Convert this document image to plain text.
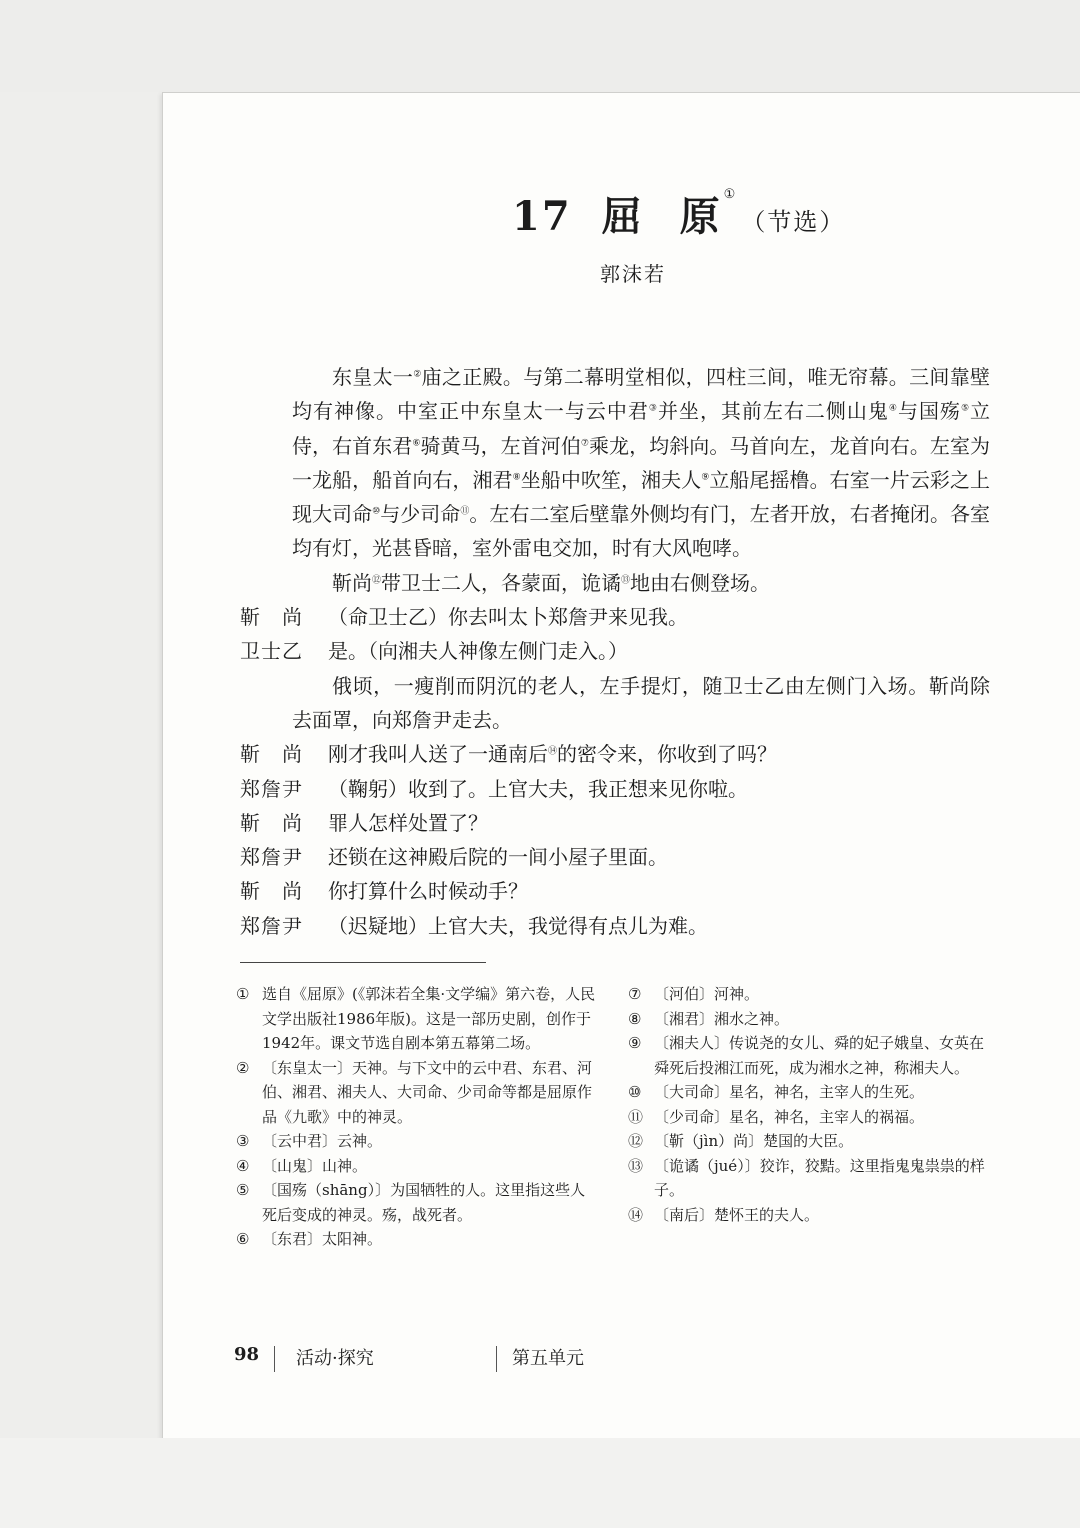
17 屈 原 ①（节选）
郭沫若

东皇太一②庙之正殿。与第二幕明堂相似，四柱三间，唯无帘幕。三间靠壁均有神像。中室正中东皇太一与云中君③并坐，其前左右二侧山鬼④与国殇⑤立侍，右首东君⑥骑黄马，左首河伯⑦乘龙，均斜向。马首向左，龙首向右。左室为一龙船，船首向右，湘君⑧坐船中吹笙，湘夫人⑨立船尾摇橹。右室一片云彩之上现大司命⑩与少司命⑪。左右二室后壁靠外侧均有门，左者开放，右者掩闭。各室均有灯，光甚昏暗，室外雷电交加，时有大风咆哮。

靳尚⑫带卫士二人，各蒙面，诡谲⑬地由右侧登场。

靳　尚	（命卫士乙）你去叫太卜郑詹尹来见我。
卫士乙	是。（向湘夫人神像左侧门走入。）

俄顷，一瘦削而阴沉的老人，左手提灯，随卫士乙由左侧门入场。靳尚除去面罩，向郑詹尹走去。

靳　尚	刚才我叫人送了一通南后⑭的密令来，你收到了吗？
郑詹尹	（鞠躬）收到了。上官大夫，我正想来见你啦。
靳　尚	罪人怎样处置了？
郑詹尹	还锁在这神殿后院的一间小屋子里面。
靳　尚	你打算什么时候动手？
郑詹尹	（迟疑地）上官大夫，我觉得有点儿为难。
① 选自《屈原》(《郭沫若全集·文学编》第六卷，人民文学出版社1986年版)。这是一部历史剧，创作于1942年。课文节选自剧本第五幕第二场。
② 〔东皇太一〕天神。与下文中的云中君、东君、河伯、湘君、湘夫人、大司命、少司命等都是屈原作品《九歌》中的神灵。
③ 〔云中君〕云神。
④ 〔山鬼〕山神。
⑤ 〔国殇（shāng）〕为国牺牲的人。这里指这些人死后变成的神灵。殇，战死者。
⑥ 〔东君〕太阳神。
⑦ 〔河伯〕河神。
⑧ 〔湘君〕湘水之神。
⑨ 〔湘夫人〕传说尧的女儿、舜的妃子娥皇、女英在舜死后投湘江而死，成为湘水之神，称湘夫人。
⑩ 〔大司命〕星名，神名，主宰人的生死。
⑪ 〔少司命〕星名，神名，主宰人的祸福。
⑫ 〔靳（jìn）尚〕楚国的大臣。
⑬ 〔诡谲（jué）〕狡诈，狡黠。这里指鬼鬼祟祟的样子。
⑭ 〔南后〕楚怀王的夫人。
98 活动·探究	第五单元
